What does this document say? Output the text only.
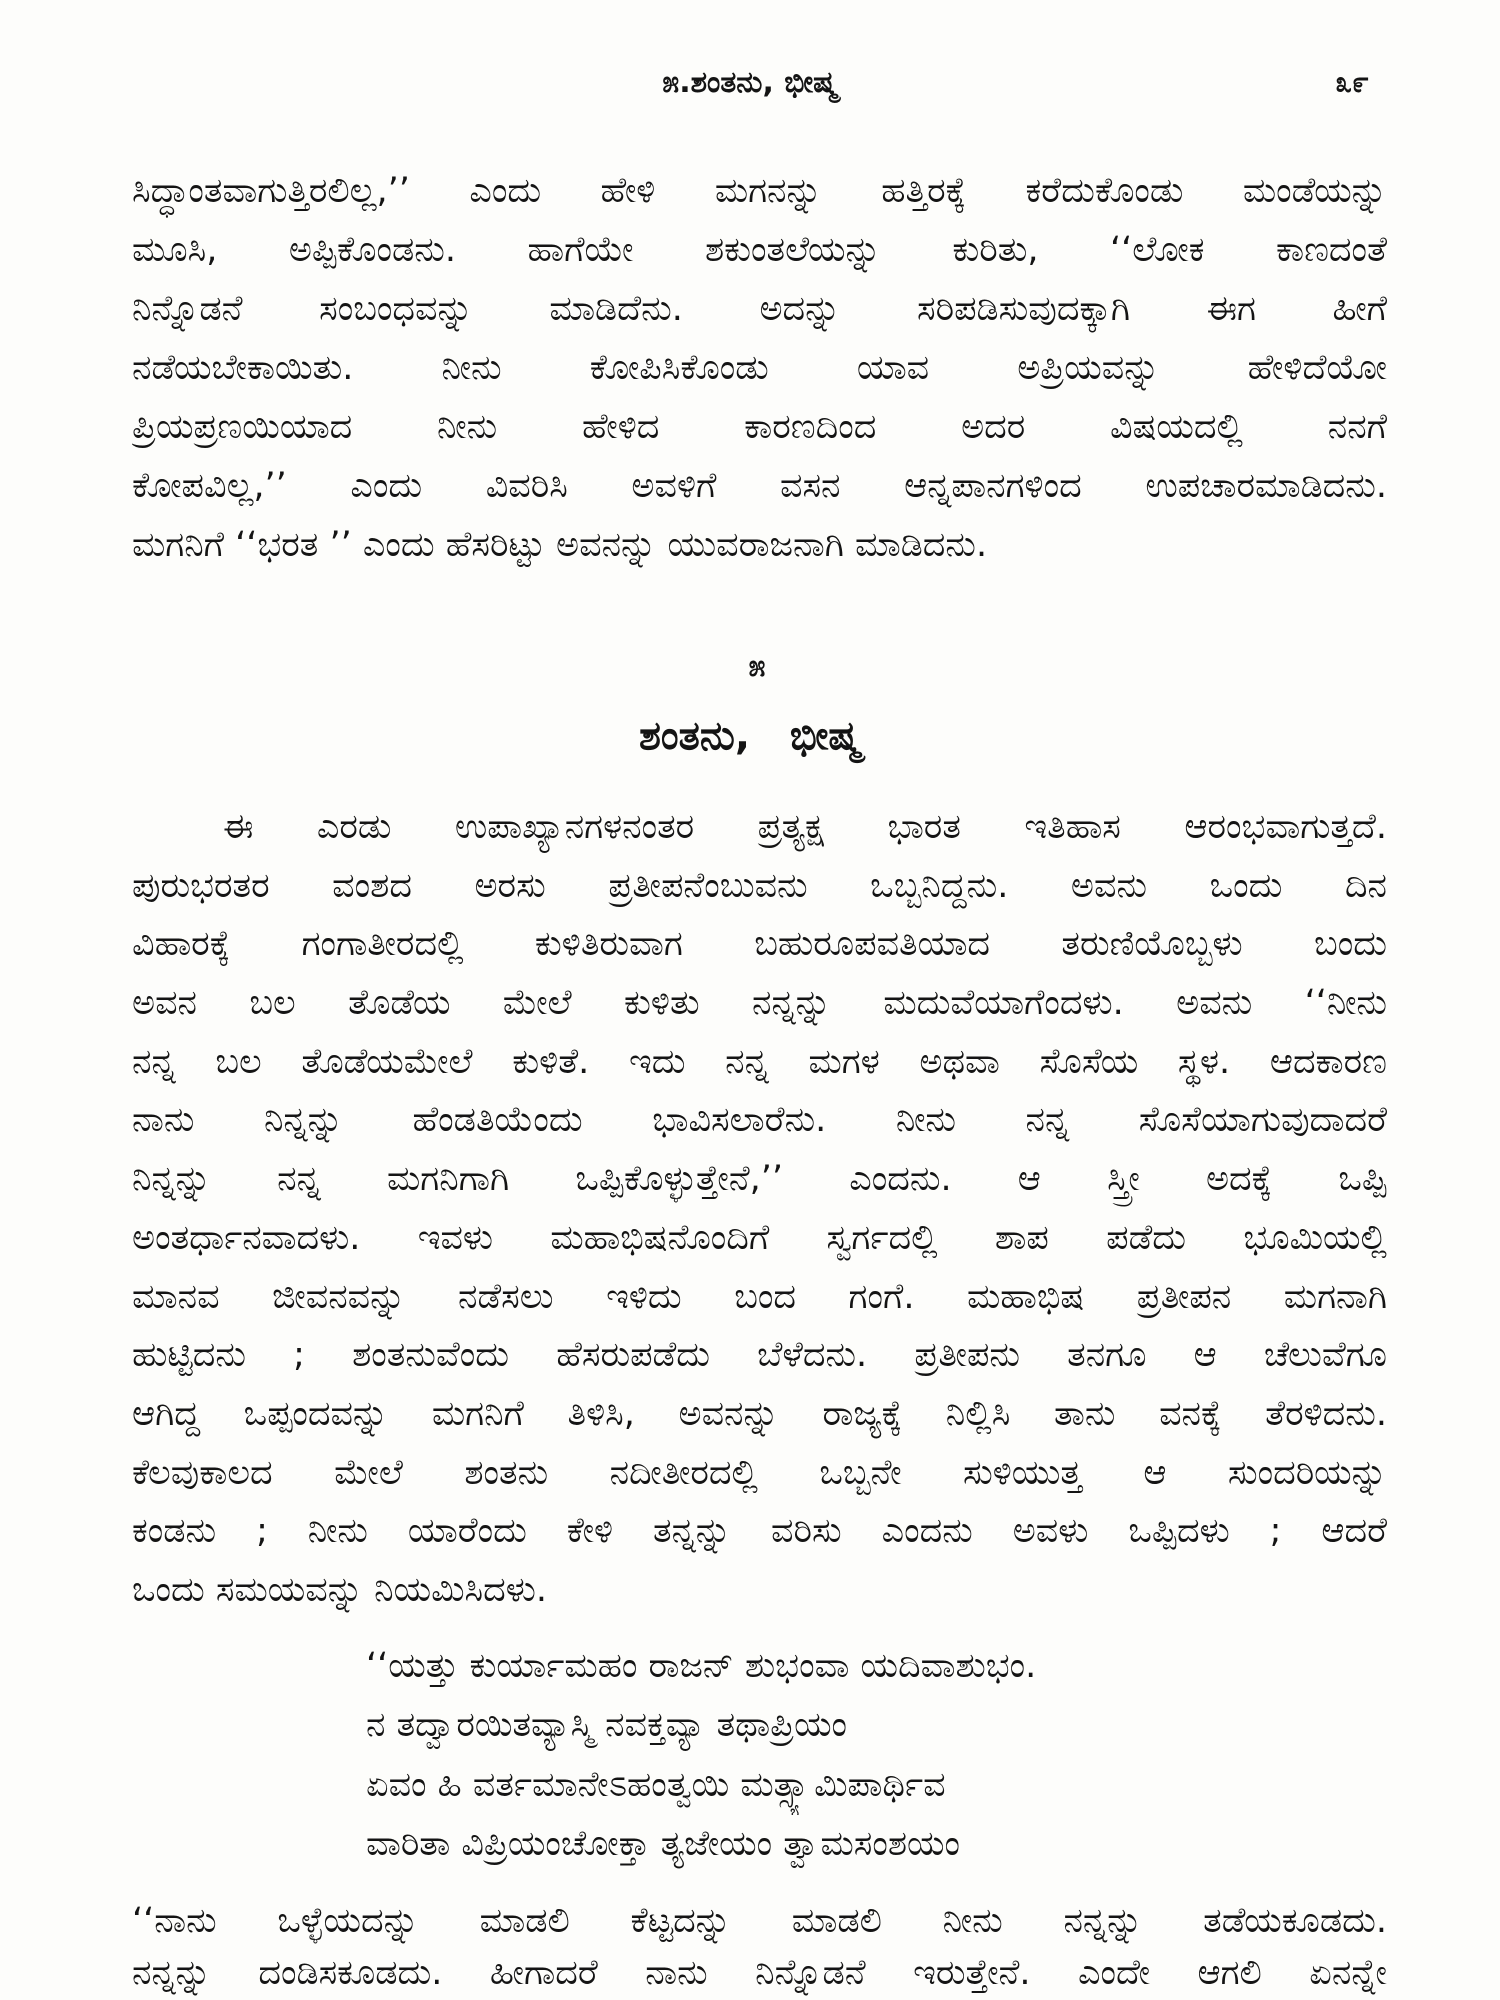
೫.ಶಂತನು, ಭೀಷ್ಮ	೩೯
ಸಿದ್ಧಾಂತವಾಗುತ್ತಿರಲಿಲ್ಲ,’’ ಎಂದು ಹೇಳಿ ಮಗನನ್ನು ಹತ್ತಿರಕ್ಕೆ ಕರೆದುಕೊಂಡು ಮಂಡೆಯನ್ನು
ಮೂಸಿ, ಅಪ್ಪಿಕೊಂಡನು. ಹಾಗೆಯೇ ಶಕುಂತಲೆಯನ್ನು ಕುರಿತು, ‘‘ಲೋಕ ಕಾಣದಂತೆ
ನಿನ್ನೊಡನೆ ಸಂಬಂಧವನ್ನು ಮಾಡಿದೆನು. ಅದನ್ನು ಸರಿಪಡಿಸುವುದಕ್ಕಾಗಿ ಈಗ ಹೀಗೆ
ನಡೆಯಬೇಕಾಯಿತು. ನೀನು ಕೋಪಿಸಿಕೊಂಡು ಯಾವ ಅಪ್ರಿಯವನ್ನು ಹೇಳಿದೆಯೋ
ಪ್ರಿಯಪ್ರಣಯಿಯಾದ ನೀನು ಹೇಳಿದ ಕಾರಣದಿಂದ ಅದರ ವಿಷಯದಲ್ಲಿ ನನಗೆ
ಕೋಪವಿಲ್ಲ,’’ ಎಂದು ವಿವರಿಸಿ ಅವಳಿಗೆ ವಸನ ಆನ್ನಪಾನಗಳಿಂದ ಉಪಚಾರಮಾಡಿದನು.
ಮಗನಿಗೆ ‘‘ಭರತ ’’ ಎಂದು ಹೆಸರಿಟ್ಟು ಅವನನ್ನು ಯುವರಾಜನಾಗಿ ಮಾಡಿದನು.
೫
ಶಂತನು, ಭೀಷ್ಮ
ಈ ಎರಡು ಉಪಾಖ್ಯಾನಗಳನಂತರ ಪ್ರತ್ಯಕ್ಷ ಭಾರತ ಇತಿಹಾಸ ಆರಂಭವಾಗುತ್ತದೆ.
ಪುರುಭರತರ ವಂಶದ ಅರಸು ಪ್ರತೀಪನೆಂಬುವನು ಒಬ್ಬನಿದ್ದನು. ಅವನು ಒಂದು ದಿನ
ವಿಹಾರಕ್ಕೆ ಗಂಗಾತೀರದಲ್ಲಿ ಕುಳಿತಿರುವಾಗ ಬಹುರೂಪವತಿಯಾದ ತರುಣಿಯೊಬ್ಬಳು ಬಂದು
ಅವನ ಬಲ ತೊಡೆಯ ಮೇಲೆ ಕುಳಿತು ನನ್ನನ್ನು ಮದುವೆಯಾಗೆಂದಳು. ಅವನು ‘‘ನೀನು
ನನ್ನ ಬಲ ತೊಡೆಯಮೇಲೆ ಕುಳಿತೆ. ಇದು ನನ್ನ ಮಗಳ ಅಥವಾ ಸೊಸೆಯ ಸ್ಥಳ. ಆದಕಾರಣ
ನಾನು ನಿನ್ನನ್ನು ಹೆಂಡತಿಯೆಂದು ಭಾವಿಸಲಾರೆನು. ನೀನು ನನ್ನ ಸೊಸೆಯಾಗುವುದಾದರೆ
ನಿನ್ನನ್ನು ನನ್ನ ಮಗನಿಗಾಗಿ ಒಪ್ಪಿಕೊಳ್ಳುತ್ತೇನೆ,’’ ಎಂದನು. ಆ ಸ್ತ್ರೀ ಅದಕ್ಕೆ ಒಪ್ಪಿ
ಅಂತರ್ಧಾನವಾದಳು. ಇವಳು ಮಹಾಭಿಷನೊಂದಿಗೆ ಸ್ವರ್ಗದಲ್ಲಿ ಶಾಪ ಪಡೆದು ಭೂಮಿಯಲ್ಲಿ
ಮಾನವ ಜೀವನವನ್ನು ನಡೆಸಲು ಇಳಿದು ಬಂದ ಗಂಗೆ. ಮಹಾಭಿಷ ಪ್ರತೀಪನ ಮಗನಾಗಿ
ಹುಟ್ಟಿದನು ; ಶಂತನುವೆಂದು ಹೆಸರುಪಡೆದು ಬೆಳೆದನು. ಪ್ರತೀಪನು ತನಗೂ ಆ ಚೆಲುವೆಗೂ
ಆಗಿದ್ದ ಒಪ್ಪಂದವನ್ನು ಮಗನಿಗೆ ತಿಳಿಸಿ, ಅವನನ್ನು ರಾಜ್ಯಕ್ಕೆ ನಿಲ್ಲಿಸಿ ತಾನು ವನಕ್ಕೆ ತೆರಳಿದನು.
ಕೆಲವುಕಾಲದ ಮೇಲೆ ಶಂತನು ನದೀತೀರದಲ್ಲಿ ಒಬ್ಬನೇ ಸುಳಿಯುತ್ತ ಆ ಸುಂದರಿಯನ್ನು
ಕಂಡನು ; ನೀನು ಯಾರೆಂದು ಕೇಳಿ ತನ್ನನ್ನು ವರಿಸು ಎಂದನು ಅವಳು ಒಪ್ಪಿದಳು ; ಆದರೆ
ಒಂದು ಸಮಯವನ್ನು ನಿಯಮಿಸಿದಳು.
‘‘ಯತ್ತು ಕುರ್ಯಾಮಹಂ ರಾಜನ್ ಶುಭಂವಾ ಯದಿವಾಶುಭಂ.
ನ ತದ್ವಾರಯಿತವ್ಯಾಸ್ಮಿ ನವಕ್ತವ್ಯಾ ತಥಾಪ್ರಿಯಂ
ಏವಂ ಹಿ ವರ್ತಮಾನೇಽಹಂತ್ವಯಿ ಮತ್ಸ್ಯಾಮಿಪಾರ್ಥಿವ
ವಾರಿತಾ ವಿಪ್ರಿಯಂಚೋಕ್ತಾ ತ್ಯಜೇಯಂ ತ್ವಾಮಸಂಶಯಂ
‘‘ನಾನು ಒಳ್ಳೆಯದನ್ನು ಮಾಡಲಿ ಕೆಟ್ಟದನ್ನು ಮಾಡಲಿ ನೀನು ನನ್ನನ್ನು ತಡೆಯಕೂಡದು.
ನನ್ನನ್ನು ದಂಡಿಸಕೂಡದು. ಹೀಗಾದರೆ ನಾನು ನಿನ್ನೊಡನೆ ಇರುತ್ತೇನೆ. ಎಂದೇ ಆಗಲಿ ಏನನ್ನೇ
